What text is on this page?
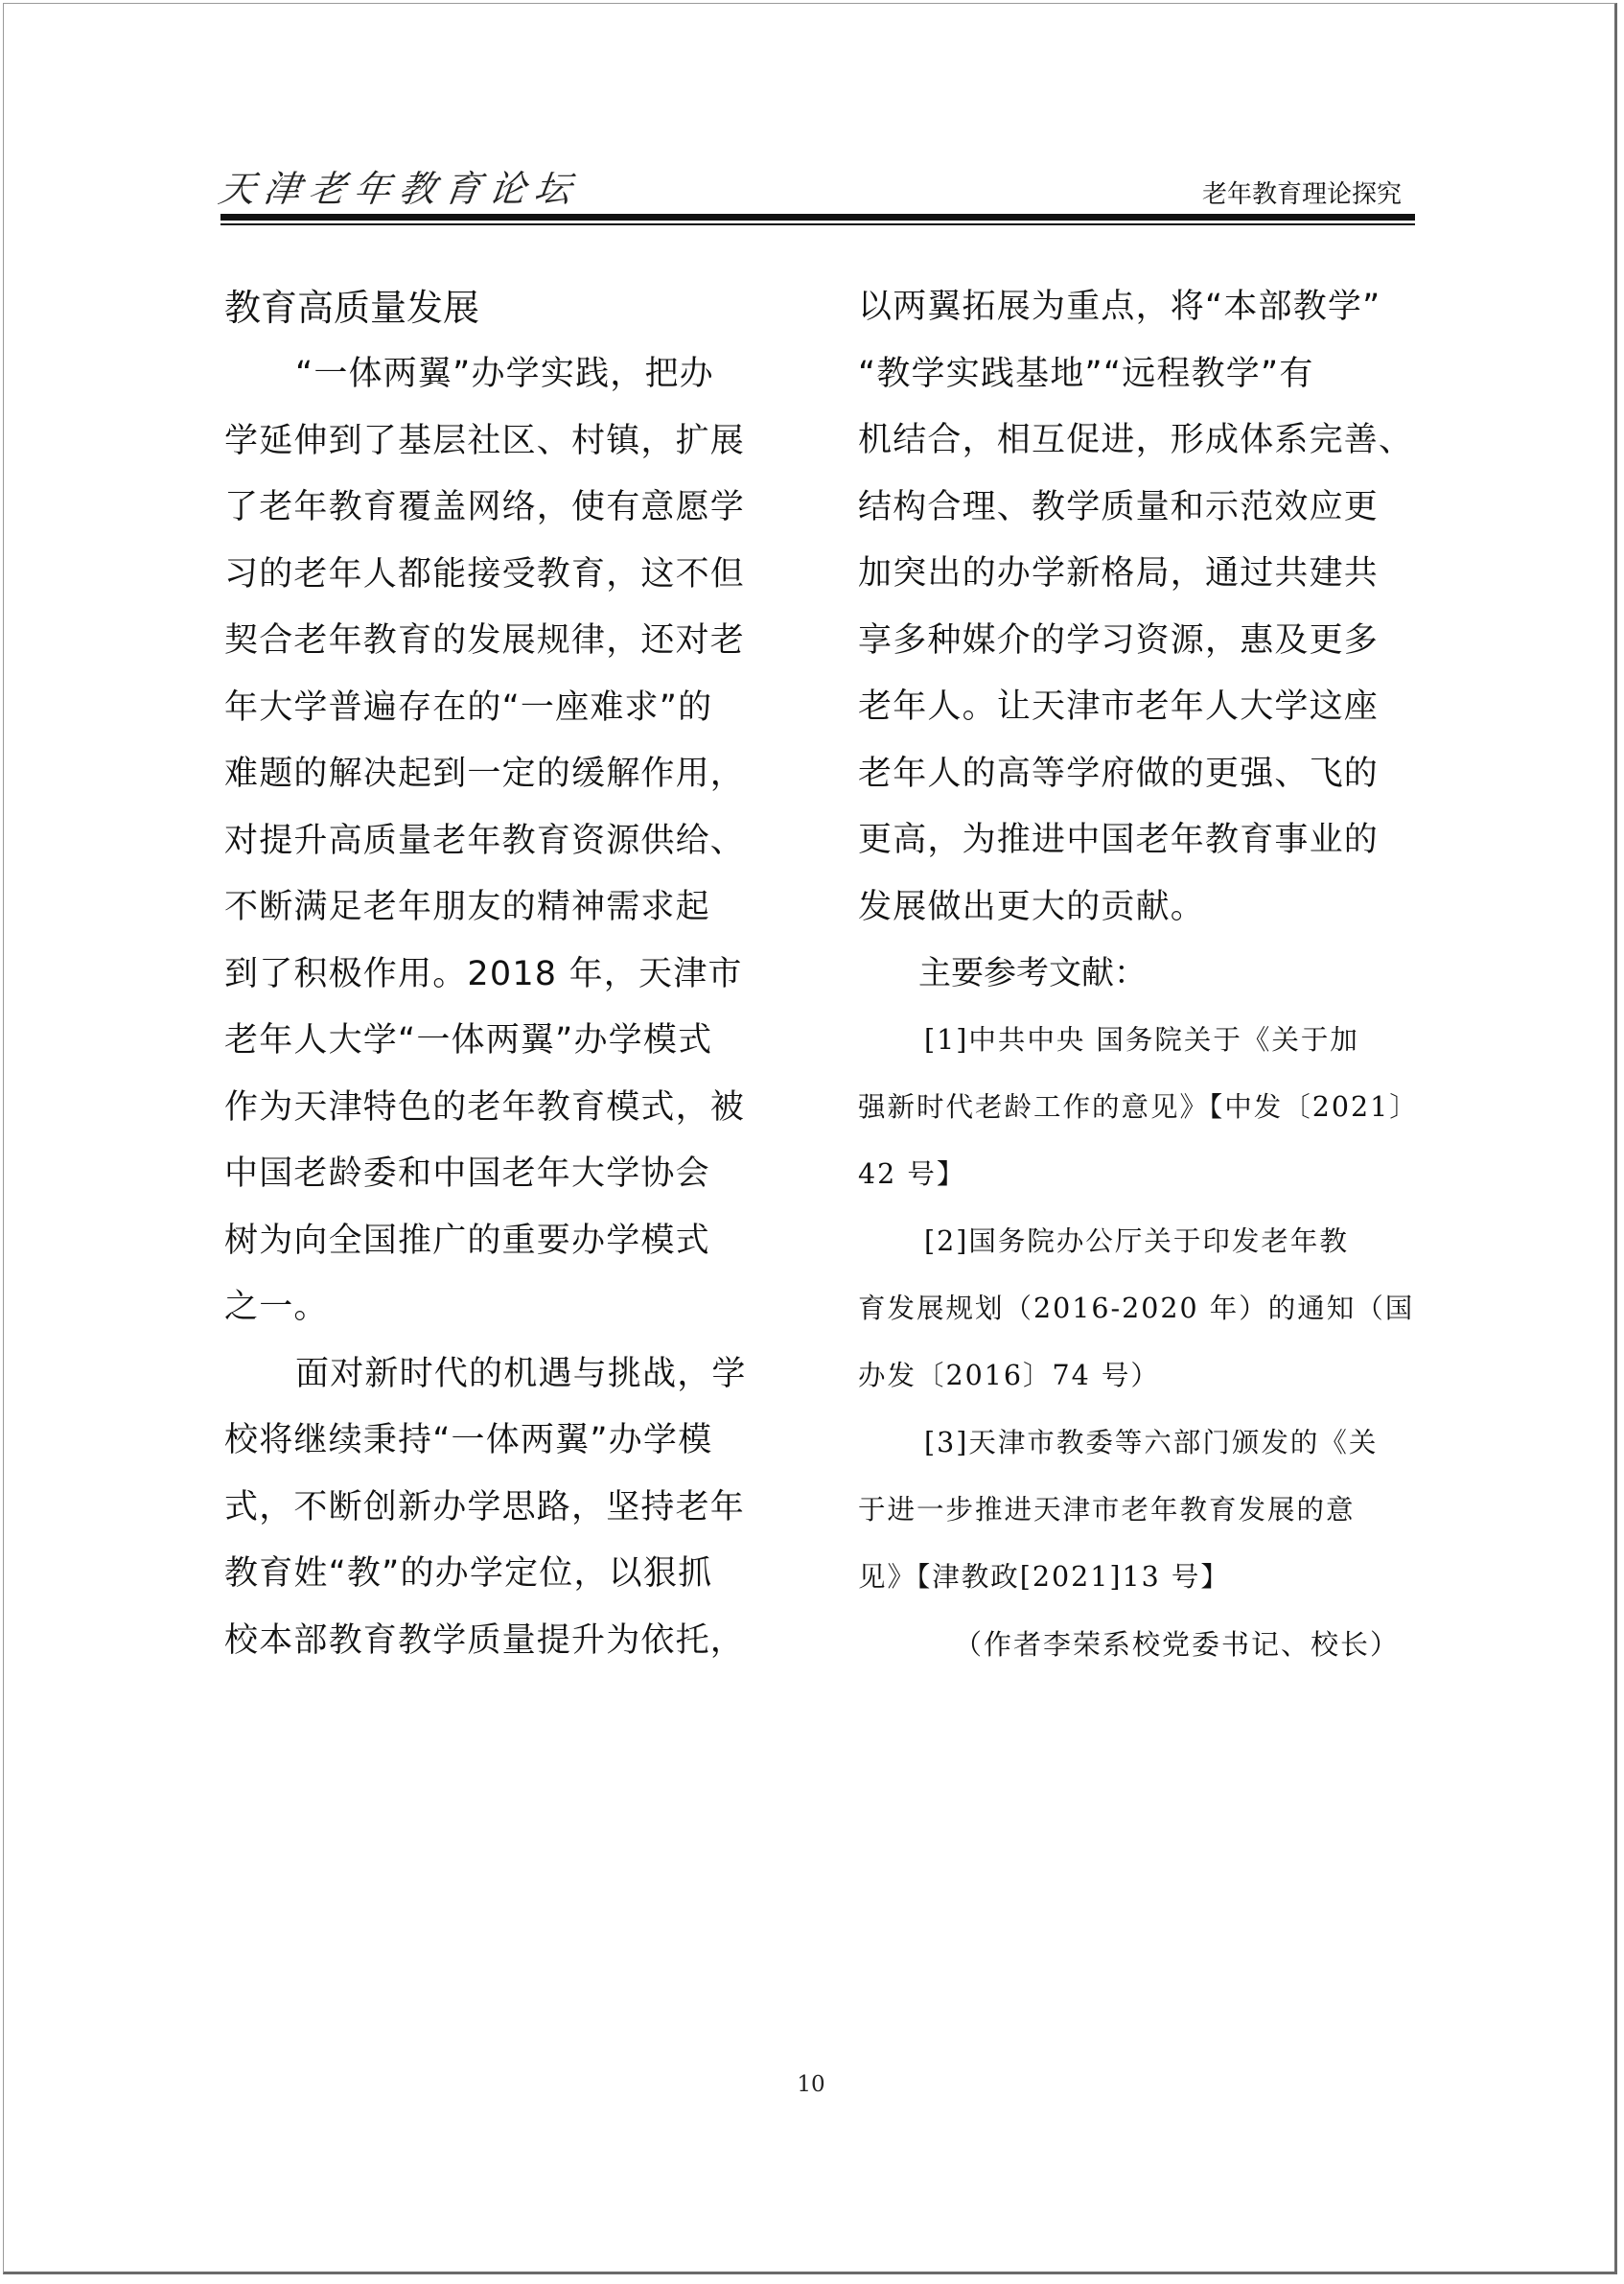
天津老年教育论坛	老年教育理论探究
教育高质量发展
“一体两翼”办学实践，把办
学延伸到了基层社区、村镇，扩展
了老年教育覆盖网络，使有意愿学
习的老年人都能接受教育，这不但
契合老年教育的发展规律，还对老
年大学普遍存在的“一座难求”的
难题的解决起到一定的缓解作用，
对提升高质量老年教育资源供给、
不断满足老年朋友的精神需求起
到了积极作用。2018 年，天津市
老年人大学“一体两翼”办学模式
作为天津特色的老年教育模式，被
中国老龄委和中国老年大学协会
树为向全国推广的重要办学模式
之一。
面对新时代的机遇与挑战，学
校将继续秉持“一体两翼”办学模
式，不断创新办学思路，坚持老年
教育姓“教”的办学定位，以狠抓
校本部教育教学质量提升为依托，
以两翼拓展为重点，将“本部教学”
“教学实践基地”“远程教学”有
机结合，相互促进，形成体系完善、
结构合理、教学质量和示范效应更
加突出的办学新格局，通过共建共
享多种媒介的学习资源，惠及更多
老年人。让天津市老年人大学这座
老年人的高等学府做的更强、飞的
更高，为推进中国老年教育事业的
发展做出更大的贡献。
主要参考文献：
[1]中共中央 国务院关于《关于加
强新时代老龄工作的意见》【中发〔2021〕
42 号】
[2]国务院办公厅关于印发老年教
育发展规划（2016-2020 年）的通知（国
办发〔2016〕74 号）
[3]天津市教委等六部门颁发的《关
于进一步推进天津市老年教育发展的意
见》【津教政[2021]13 号】
（作者李荣系校党委书记、校长）
10
